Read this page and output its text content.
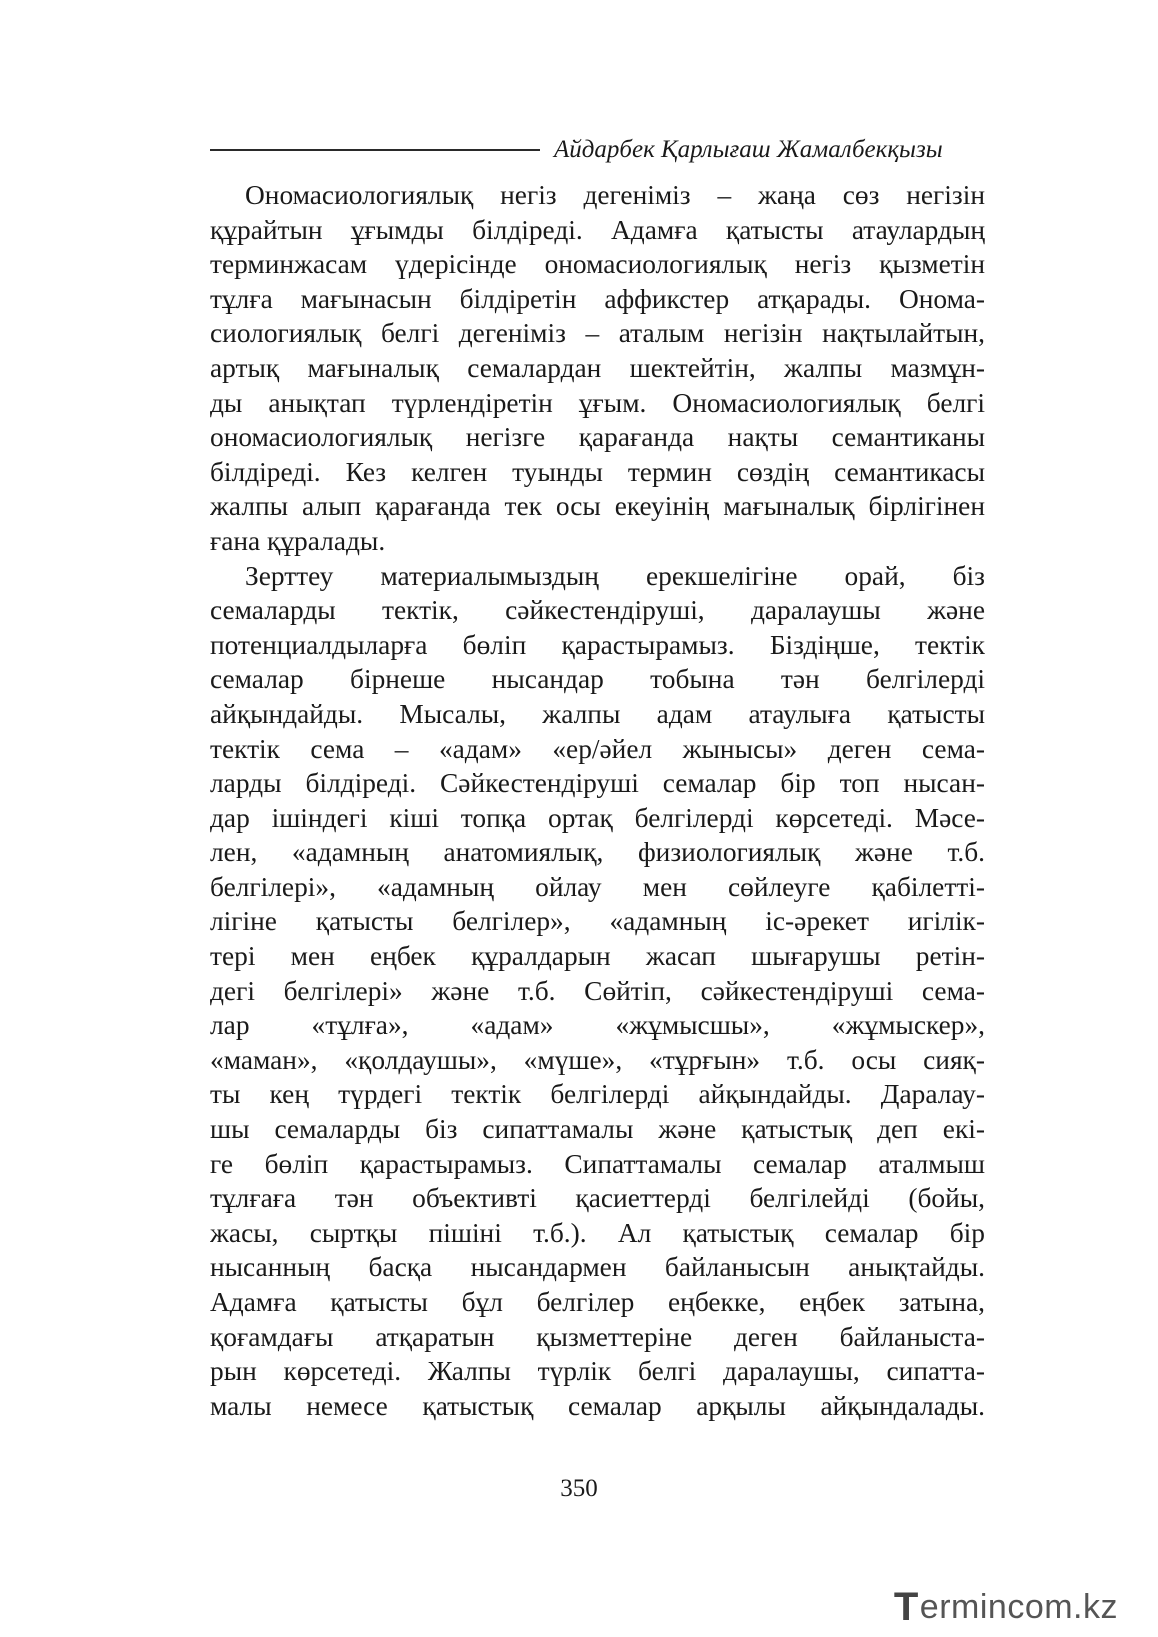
Айдарбек Қарлығаш Жамалбекқызы
Ономасиологиялық негіз дегеніміз – жаңа сөз негізін
құрайтын ұғымды білдіреді. Адамға қатысты атаулардың
терминжасам үдерісінде ономасиологиялық негіз қызметін
тұлға мағынасын білдіретін аффикстер атқарады. Онома-
сиологиялық белгі дегеніміз – аталым негізін нақтылайтын,
артық мағыналық семалардан шектейтін, жалпы мазмұн-
ды анықтап түрлендіретін ұғым. Ономасиологиялық белгі
ономасиологиялық негізге қарағанда нақты семантиканы
білдіреді. Кез келген туынды термин сөздің семантикасы
жалпы алып қарағанда тек осы екеуінің мағыналық бірлігінен
ғана құралады.
Зерттеу материалымыздың ерекшелігіне орай, біз
семаларды тектік, сәйкестендіруші, даралаушы және
потенциалдыларға бөліп қарастырамыз. Біздіңше, тектік
семалар бірнеше нысандар тобына тән белгілерді
айқындайды. Мысалы, жалпы адам атаулыға қатысты
тектік сема – «адам» «ер/әйел жынысы» деген сема-
ларды білдіреді. Сәйкестендіруші семалар бір топ нысан-
дар ішіндегі кіші топқа ортақ белгілерді көрсетеді. Мәсе-
лен, «адамның анатомиялық, физиологиялық және т.б.
белгілері», «адамның ойлау мен сөйлеуге қабілетті-
лігіне қатысты белгілер», «адамның іс-әрекет игілік-
тері мен еңбек құралдарын жасап шығарушы ретін-
дегі белгілері» және т.б. Сөйтіп, сәйкестендіруші сема-
лар «тұлға», «адам» «жұмысшы», «жұмыскер»,
«маман», «қолдаушы», «мүше», «тұрғын» т.б. осы сияқ-
ты кең түрдегі тектік белгілерді айқындайды. Даралау-
шы семаларды біз сипаттамалы және қатыстық деп екі-
ге бөліп қарастырамыз. Сипаттамалы семалар аталмыш
тұлғаға тән объективті қасиеттерді белгілейді (бойы,
жасы, сыртқы пішіні т.б.). Ал қатыстық семалар бір
нысанның басқа нысандармен байланысын анықтайды.
Адамға қатысты бұл белгілер еңбекке, еңбек затына,
қоғамдағы атқаратын қызметтеріне деген байланыста-
рын көрсетеді. Жалпы түрлік белгі даралаушы, сипатта-
малы немесе қатыстық семалар арқылы айқындалады.
350
T ermincom.kz
